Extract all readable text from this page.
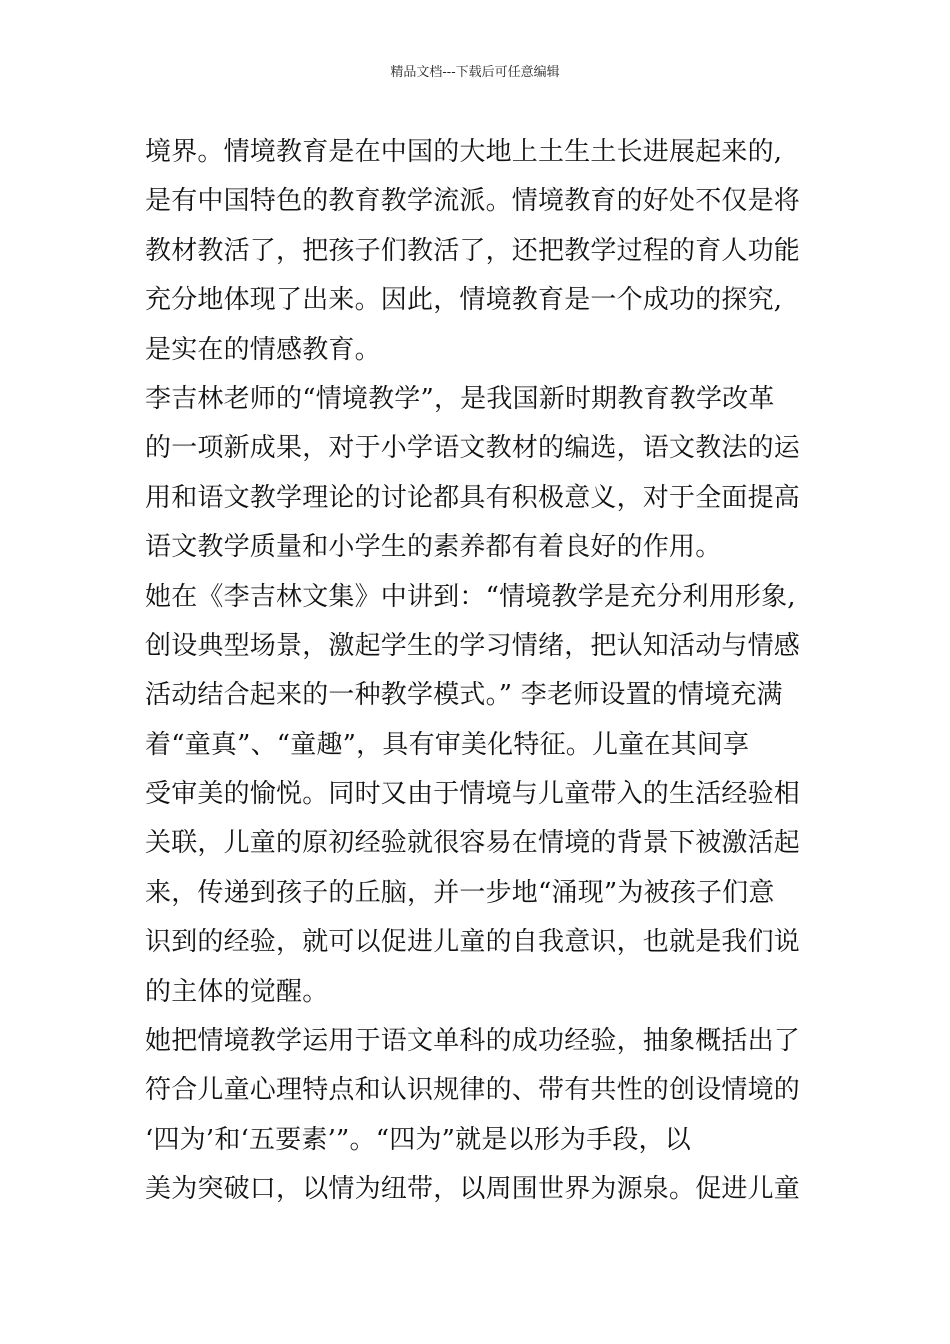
精品文档---下载后可任意编辑
境界。情境教育是在中国的大地上土生土长进展起来的,
是有中国特色的教育教学流派。情境教育的好处不仅是将
教材教活了，把孩子们教活了，还把教学过程的育人功能
充分地体现了出来。因此，情境教育是一个成功的探究,
是实在的情感教育。
李吉林老师的“情境教学”，是我国新时期教育教学改革
的一项新成果，对于小学语文教材的编选，语文教法的运
用和语文教学理论的讨论都具有积极意义，对于全面提高
语文教学质量和小学生的素养都有着良好的作用。
她在《李吉林文集》中讲到：“情境教学是充分利用形象,
创设典型场景，激起学生的学习情绪，把认知活动与情感
活动结合起来的一种教学模式。” 李老师设置的情境充满
着“童真”、“童趣”，具有审美化特征。儿童在其间享
受审美的愉悦。同时又由于情境与儿童带入的生活经验相
关联，儿童的原初经验就很容易在情境的背景下被激活起
来，传递到孩子的丘脑，并一步地“涌现”为被孩子们意
识到的经验，就可以促进儿童的自我意识，也就是我们说
的主体的觉醒。
她把情境教学运用于语文单科的成功经验，抽象概括出了
符合儿童心理特点和认识规律的、带有共性的创设情境的
‘四为’和‘五要素’”。“四为”就是以形为手段，以
美为突破口，以情为纽带，以周围世界为源泉。促进儿童
